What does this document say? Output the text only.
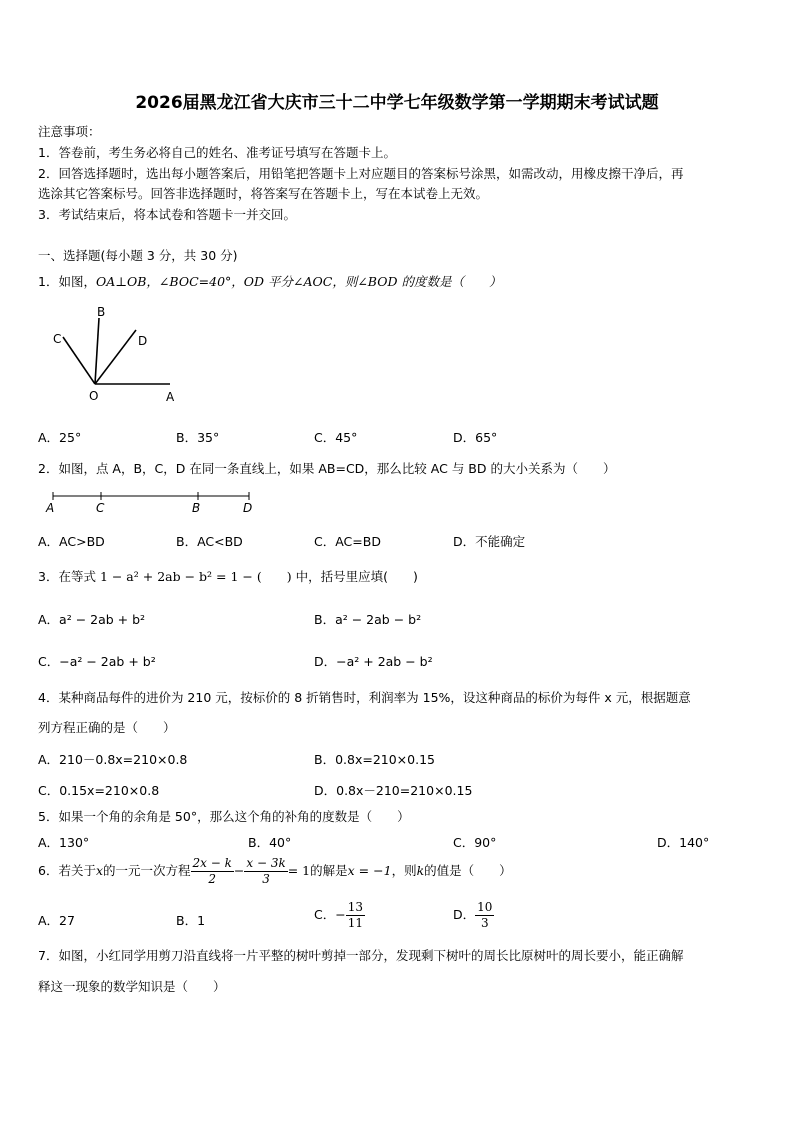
2026届黑龙江省大庆市三十二中学七年级数学第一学期期末考试试题
注意事项：
1．答卷前，考生务必将自己的姓名、准考证号填写在答题卡上。
2．回答选择题时，选出每小题答案后，用铅笔把答题卡上对应题目的答案标号涂黑，如需改动，用橡皮擦干净后，再
选涂其它答案标号。回答非选择题时，将答案写在答题卡上，写在本试卷上无效。
3．考试结束后，将本试卷和答题卡一并交回。
一、选择题(每小题 3 分，共 30 分)
1．如图，OA⊥OB，∠BOC=40°，OD 平分∠AOC，则∠BOD 的度数是（　　）
B
C	D
O	A
A．25°	B．35°	C．45°	D．65°
2．如图，点 A，B，C，D 在同一条直线上，如果 AB=CD，那么比较 AC 与 BD 的大小关系为（　　）
A	C	B	D
A．AC>BD	B．AC<BD	C．AC=BD	D．不能确定
3．在等式 1 − a² + 2ab − b² = 1 − (　　) 中，括号里应填(　　)
A．a² − 2ab + b²	B．a² − 2ab − b²
C．−a² − 2ab + b²	D．−a² + 2ab − b²
4．某种商品每件的进价为 210 元，按标价的 8 折销售时，利润率为 15%，设这种商品的标价为每件 x 元，根据题意
列方程正确的是（　　）
A．210－0.8x=210×0.8	B．0.8x=210×0.15
C．0.15x=210×0.8	D．0.8x－210=210×0.15
5．如果一个角的余角是 50°，那么这个角的补角的度数是（　　）
A．130°	B．40°	C．90°	D．140°
6．若关于x的一元一次方程 $\frac{2x - k}{2} - \frac{x - 3k}{3} = 1$的解是x = −1，则k的值是（　　）
A．27	B．1	C．− $\frac{13}{11}$	D． $\frac{10}{3}$
7．如图，小红同学用剪刀沿直线将一片平整的树叶剪掉一部分，发现剩下树叶的周长比原树叶的周长要小，能正确解
释这一现象的数学知识是（　　）
